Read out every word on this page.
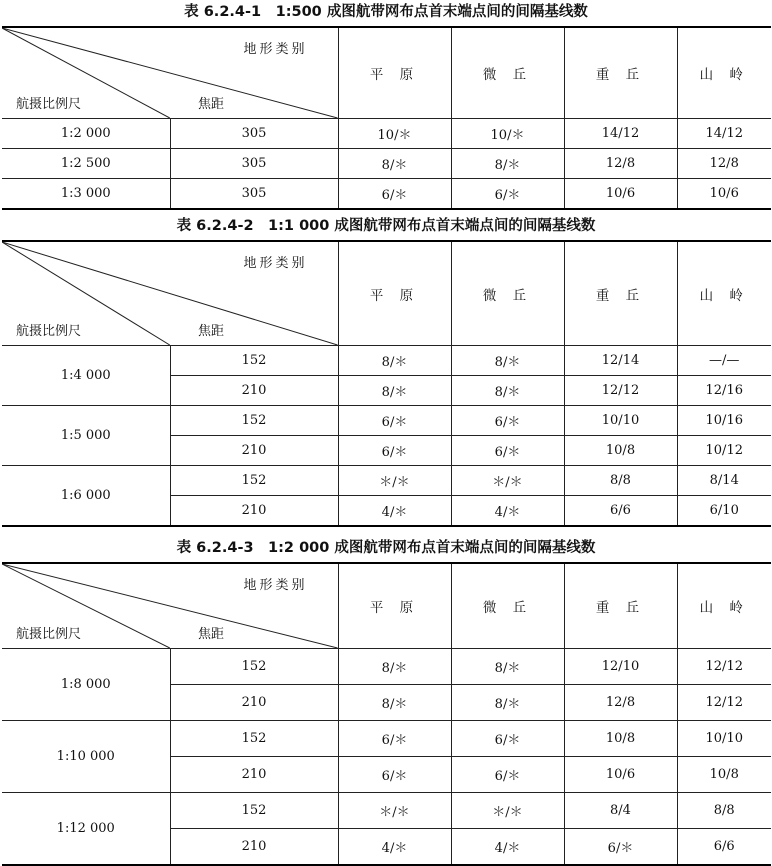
表 6.2.4-1　1:500 成图航带网布点首末端点间的间隔基线数
地形类别
焦距
航摄比例尺		平 原	微 丘	重 丘	山 岭
1:2 000	305	10/＊	10/＊	14/12	14/12
1:2 500	305	8/＊	8/＊	12/8	12/8
1:3 000	305	6/＊	6/＊	10/6	10/6
表 6.2.4-2　1:1 000 成图航带网布点首末端点间的间隔基线数
地形类别
焦距
航摄比例尺		平 原	微 丘	重 丘	山 岭
1:4 000	152	8/＊	8/＊	12/14	—/—
	210	8/＊	8/＊	12/12	12/16
1:5 000	152	6/＊	6/＊	10/10	10/16
	210	6/＊	6/＊	10/8	10/12
1:6 000	152	＊/＊	＊/＊	8/8	8/14
	210	4/＊	4/＊	6/6	6/10
表 6.2.4-3　1:2 000 成图航带网布点首末端点间的间隔基线数
地形类别
焦距
航摄比例尺		平 原	微 丘	重 丘	山 岭
1:8 000	152	8/＊	8/＊	12/10	12/12
	210	8/＊	8/＊	12/8	12/12
1:10 000	152	6/＊	6/＊	10/8	10/10
	210	6/＊	6/＊	10/6	10/8
1:12 000	152	＊/＊	＊/＊	8/4	8/8
	210	4/＊	4/＊	6/＊	6/6
